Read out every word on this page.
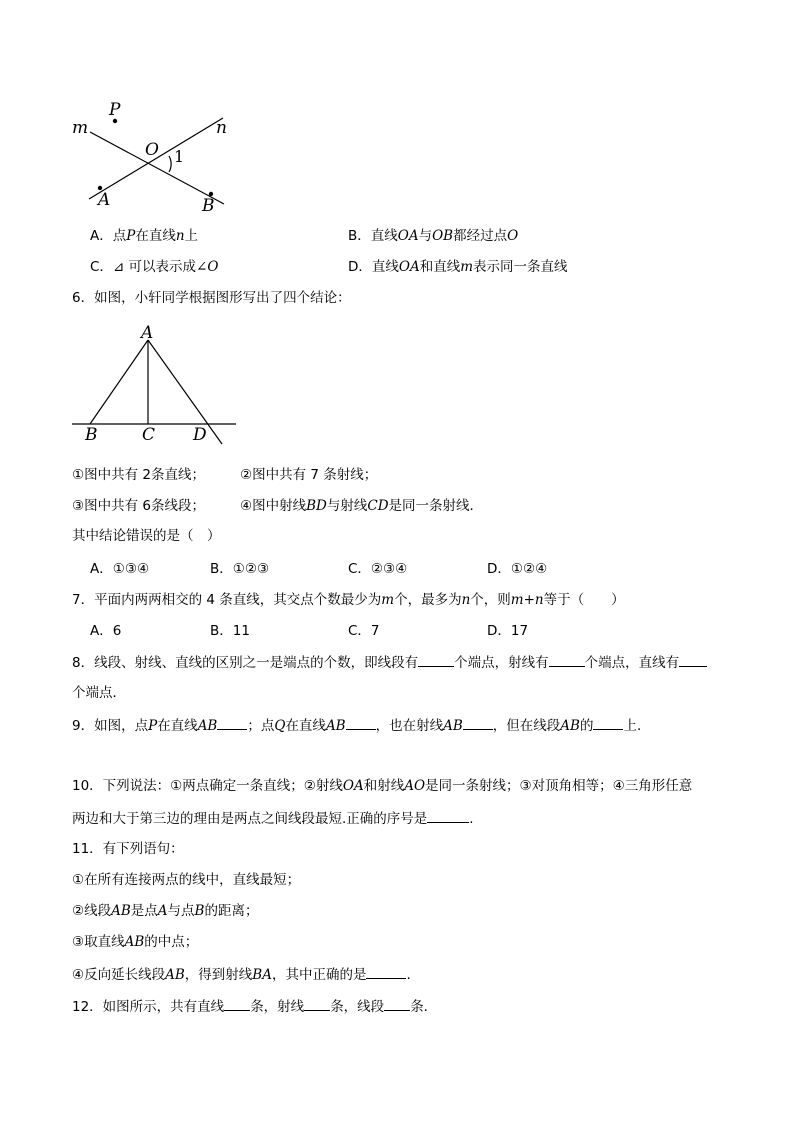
P
m
O
n
1
A	B
A．点P在直线n上	B．直线OA与OB都经过点O
C．⊿ 可以表示成∠O	D．直线OA和直线m表示同一条直线
6．如图，小轩同学根据图形写出了四个结论：
A
B	C D
①图中共有 2条直线；	②图中共有 7 条射线；
③图中共有 6条线段；	④图中射线BD与射线CD是同一条射线．
其中结论错误的是（　）
A．①③④	B．①②③	C．②③④	D．①②④
7．平面内两两相交的 4 条直线，其交点个数最少为m个，最多为n个，则m+n等于（　　）
A．6	B．11	C．7	D．17
8．线段、射线、直线的区别之一是端点的个数，即线段有	个端点，射线有	个端点，直线有
个端点．
9．如图，点P在直线AB ；点Q在直线AB ，也在射线AB ，但在线段AB的 上．
10．下列说法：①两点确定一条直线；②射线OA和射线AO是同一条射线；③对顶角相等；④三角形任意
两边和大于第三边的理由是两点之间线段最短.正确的序号是	.
11．有下列语句：
①在所有连接两点的线中，直线最短；
②线段AB是点A与点B的距离；
③取直线AB的中点；
④反向延长线段AB，得到射线BA，其中正确的是	.
12．如图所示，共有直线 条，射线 条，线段 条．
